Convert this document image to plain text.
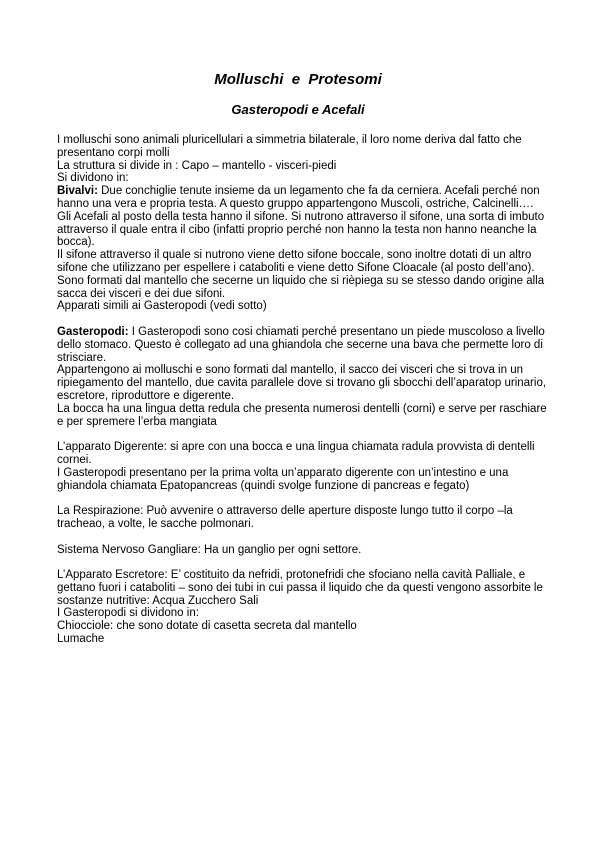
Molluschi  e  Protesomi
Gasteropodi e Acefali

I molluschi sono animali pluricellulari a simmetria bilaterale, il loro nome deriva dal fatto che presentano corpi molli

La struttura si divide in : Capo – mantello - visceri-piedi

Si dividono in:

Bivalvi: Due conchiglie tenute insieme da un legamento che fa da cerniera. Acefali perché non hanno una vera e propria testa. A questo gruppo appartengono Muscoli, ostriche, Calcinelli….

Gli Acefali al posto della testa hanno il sifone. Si nutrono attraverso il sifone, una sorta di imbuto attraverso il quale entra il cibo (infatti proprio perché non hanno la testa non hanno neanche la bocca).

Il sifone attraverso il quale si nutrono viene detto sifone boccale, sono inoltre dotati di un altro sifone che utilizzano per espellere i cataboliti e viene detto Sifone Cloacale (al posto dell’ano).

Sono formati dal mantello che secerne un liquido che si rièpiega su se stesso dando origine alla sacca dei visceri e dei due sifoni.

Apparati simili ai Gasteropodi (vedi sotto)

Gasteropodi: I Gasteropodi sono cosi chiamati perché presentano un piede muscoloso a livello dello stomaco. Questo è collegato ad una ghiandola che secerne una bava che permette loro di strisciare.

Appartengono ai molluschi e sono formati dal mantello, il sacco dei visceri che si trova in un ripiegamento del mantello, due cavita parallele dove si trovano gli sbocchi dell’aparatop urinario, escretore, riproduttore e digerente.

La bocca ha una lingua detta redula che presenta numerosi dentelli (corni) e serve per raschiare e per spremere l’erba mangiata

L’apparato Digerente: si apre con una bocca e una lingua chiamata radula provvista di dentelli cornei.

I Gasteropodi presentano per la prima volta un’apparato digerente con un’intestino e una ghiandola chiamata Epatopancreas (quindi svolge funzione di pancreas e fegato)

La Respirazione: Può avvenire o attraverso delle aperture disposte lungo tutto il corpo –la tracheao, a volte, le sacche polmonari.

Sistema Nervoso Gangliare: Ha un ganglio per ogni settore.

L’Apparato Escretore: E’ costituito da nefridi, protonefridi che sfociano nella cavità Palliale, e gettano fuori i cataboliti – sono dei tubi in cui passa il liquido che da questi vengono assorbite le sostanze nutritive: Acqua Zucchero Sali

I Gasteropodi si dividono in:

Chiocciole: che sono dotate di casetta secreta dal mantello

Lumache
